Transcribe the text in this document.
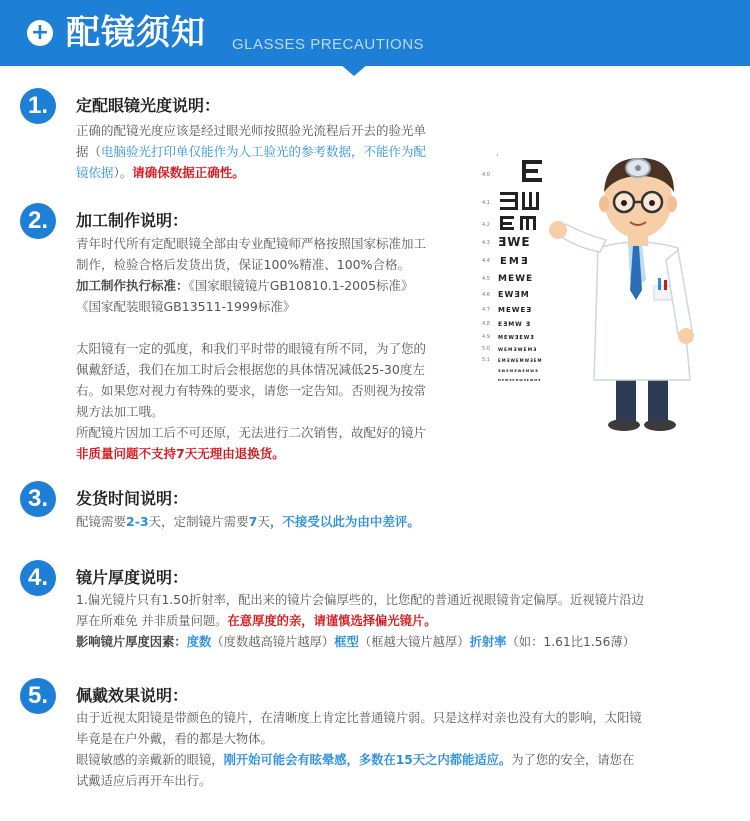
+ 配镜须知 GLASSES PRECAUTIONS
1.	定配眼镜光度说明：
正确的配镜光度应该是经过眼光师按照验光流程后开去的验光单
据（电脑验光打印单仅能作为人工验光的参考数据，不能作为配
镜依据）。请确保数据正确性。
2.	加工制作说明：
青年时代所有定配眼镜全部由专业配镜师严格按照国家标准加工
制作，检验合格后发货出货，保证100%精准、100%合格。
加工制作执行标准：《国家眼镜镜片GB10810.1-2005标准》
《国家配装眼镜GB13511-1999标准》
太阳镜有一定的弧度，和我们平时带的眼镜有所不同，为了您的
佩戴舒适，我们在加工时后会根据您的具体情况减低25-30度左
右。如果您对视力有特殊的要求，请您一定告知。否则视为按常
规方法加工哦。
所配镜片因加工后不可还原，无法进行二次销售，故配好的镜片
非质量问题不支持7天无理由退换货。
3.	发货时间说明：
配镜需要2-3天，定制镜片需要7天，不接受以此为由中差评。
4.	镜片厚度说明：
1.偏光镜片只有1.50折射率，配出来的镜片会偏厚些的，比您配的普通近视眼镜肯定偏厚。近视镜片沿边
厚在所难免 并非质量问题。在意厚度的亲，请谨慎选择偏光镜片。
影响镜片厚度因素：度数（度数越高镜片越厚）框型（框越大镜片越厚）折射率（如：1.61比1.56薄）
5.	佩戴效果说明：
由于近视太阳镜是带颜色的镜片，在清晰度上肯定比普通镜片弱。只是这样对亲也没有大的影响，太阳镜
毕竟是在户外戴，看的都是大物体。
眼镜敏感的亲戴新的眼镜，刚开始可能会有眩晕感，多数在15天之内都能适应。为了您的安全，请您在
试戴适应后再开车出行。
·
ƎWE
EMƎ
MEWE
EWƎM
MEWEƎ
EƎMW Ǝ
MEWƎEWƎ
WEMƎWEMƎ
EMƎWEMWƎEM
ƎWEMƎWEMWƎ
MEWƎEMWƎEWMƎ
4.0
4.1
4.2
4.3
4.4
4.5
4.6
4.7
4.8
4.9
5.0
5.1
